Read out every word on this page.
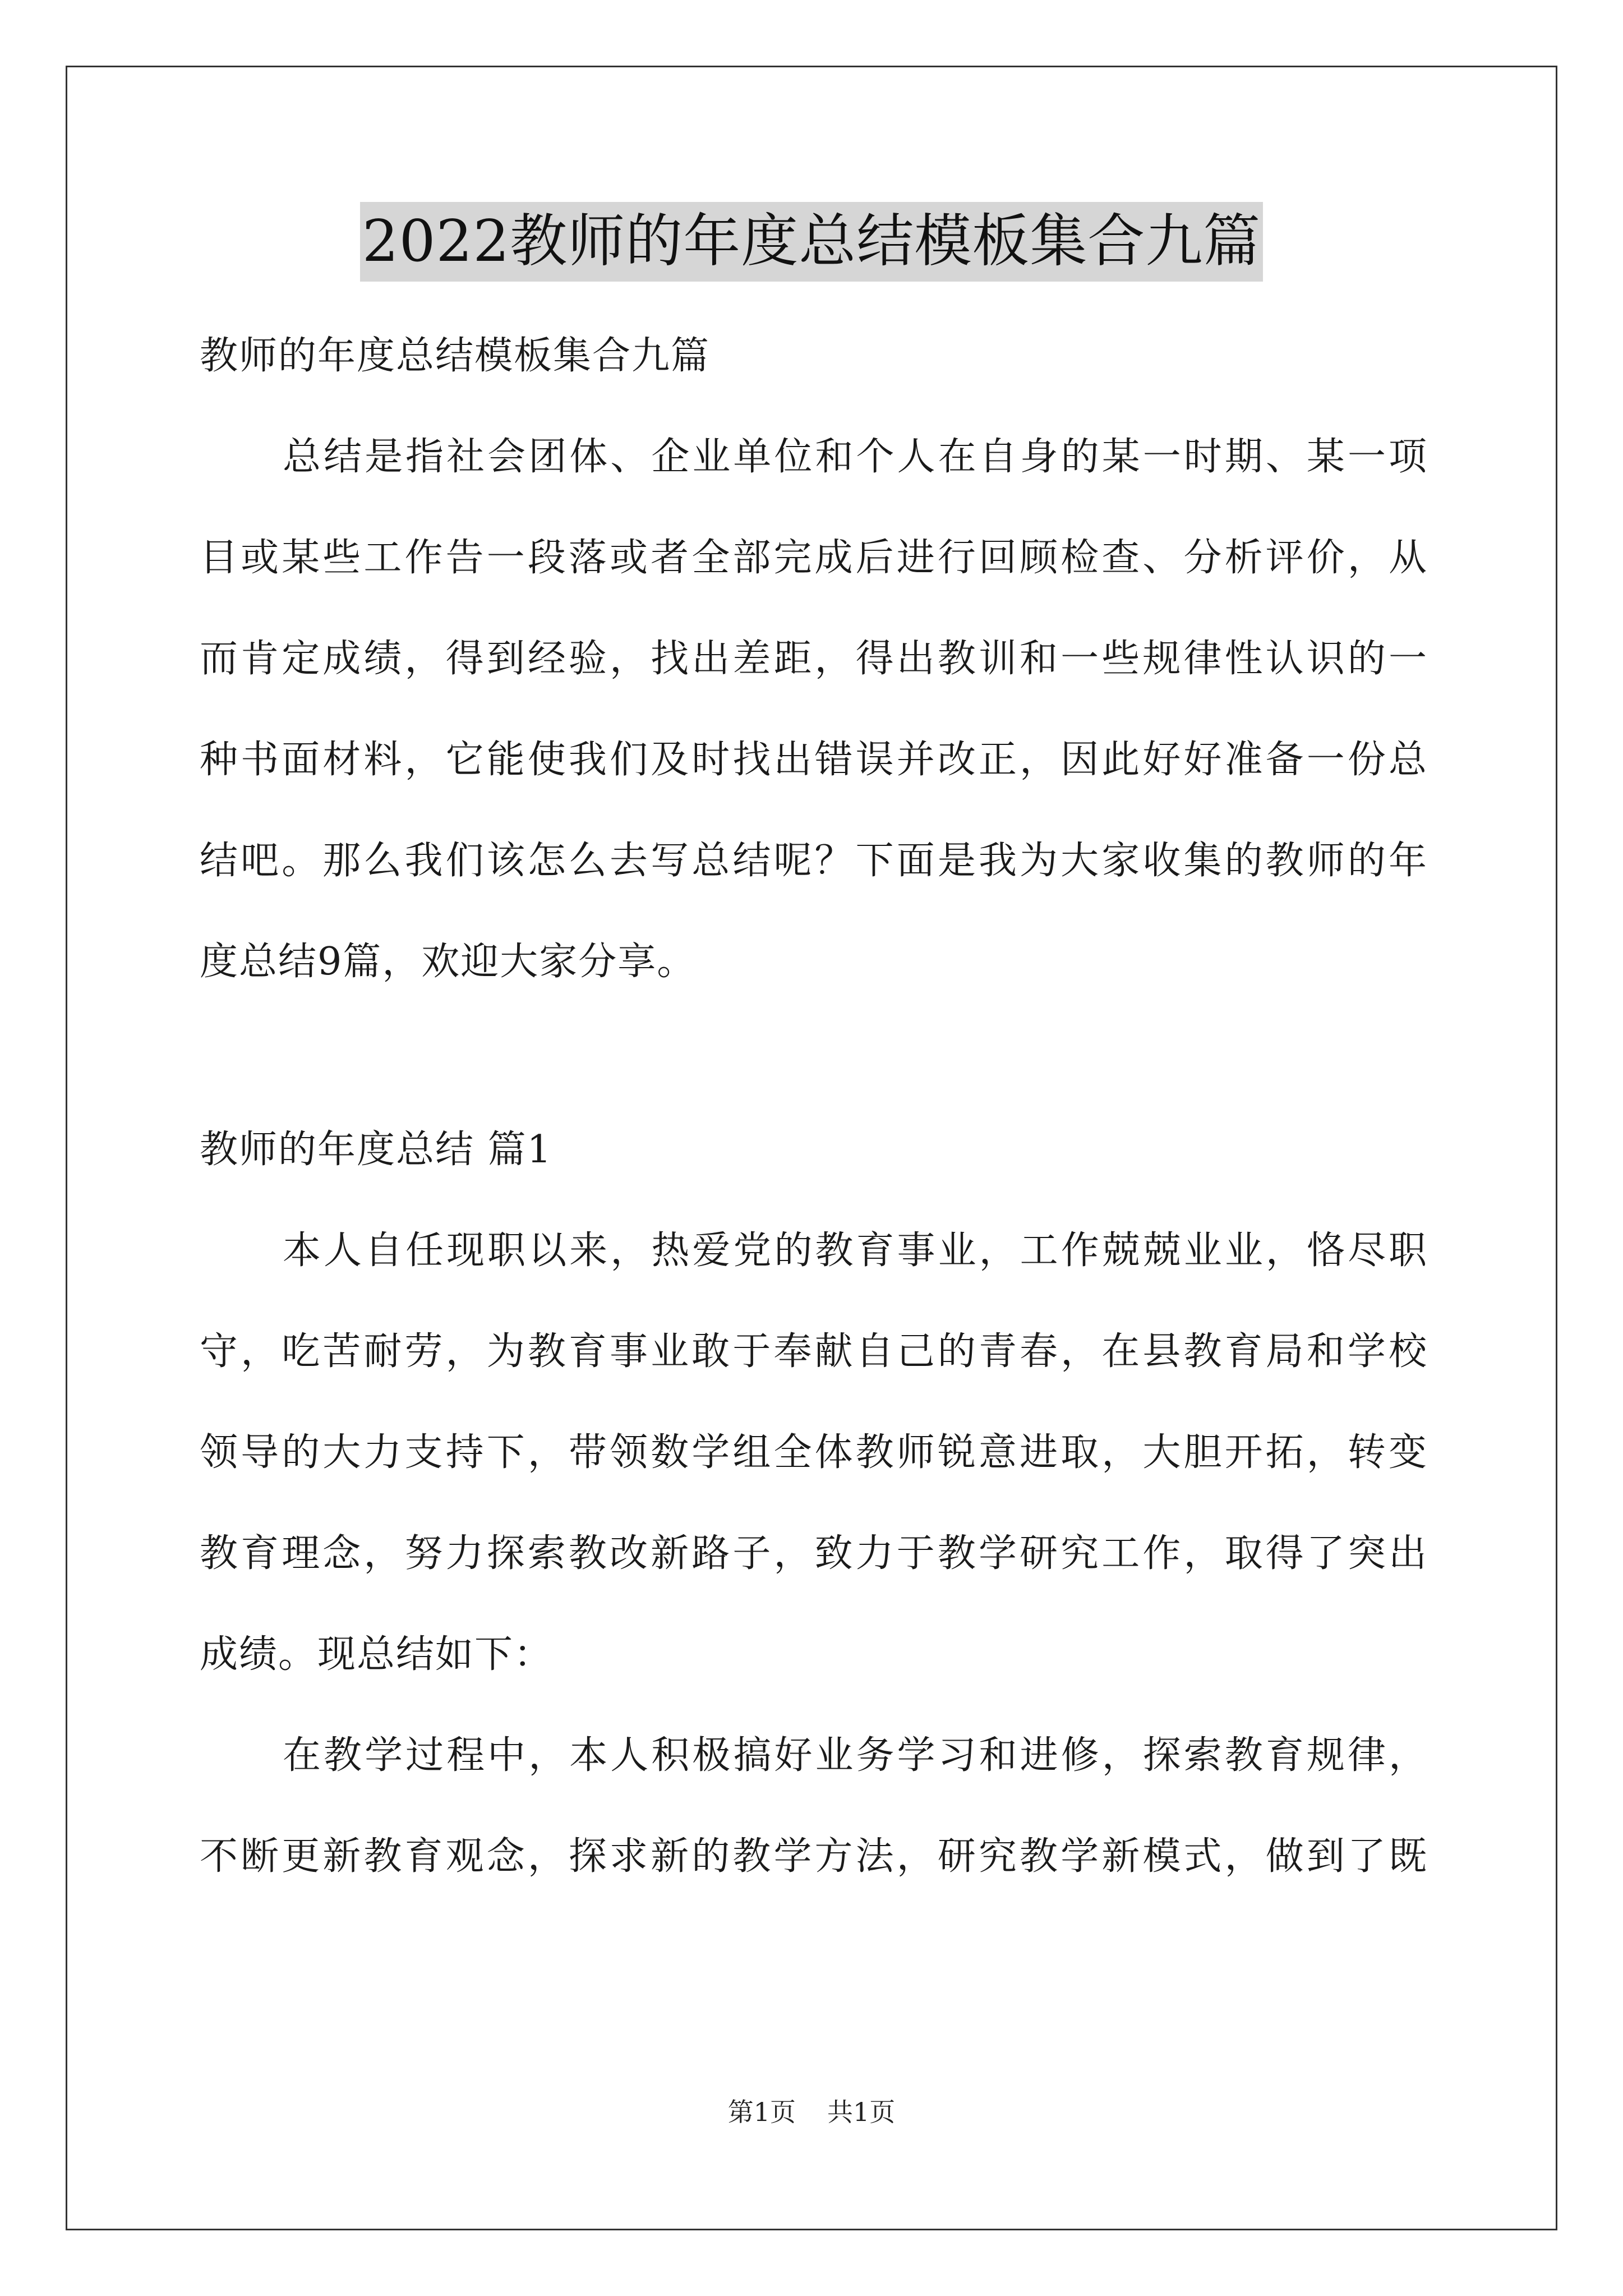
2022教师的年度总结模板集合九篇
教师的年度总结模板集合九篇
总结是指社会团体、企业单位和个人在自身的某一时期、某一项
目或某些工作告一段落或者全部完成后进行回顾检查、分析评价，从
而肯定成绩，得到经验，找出差距，得出教训和一些规律性认识的一
种书面材料，它能使我们及时找出错误并改正，因此好好准备一份总
结吧。那么我们该怎么去写总结呢？下面是我为大家收集的教师的年
度总结9篇，欢迎大家分享。
教师的年度总结 篇1
本人自任现职以来，热爱党的教育事业，工作兢兢业业，恪尽职
守，吃苦耐劳，为教育事业敢于奉献自己的青春，在县教育局和学校
领导的大力支持下，带领数学组全体教师锐意进取，大胆开拓，转变
教育理念，努力探索教改新路子，致力于教学研究工作，取得了突出
成绩。现总结如下：
在教学过程中，本人积极搞好业务学习和进修，探索教育规律，
不断更新教育观念，探求新的教学方法，研究教学新模式，做到了既
第1页 共1页
